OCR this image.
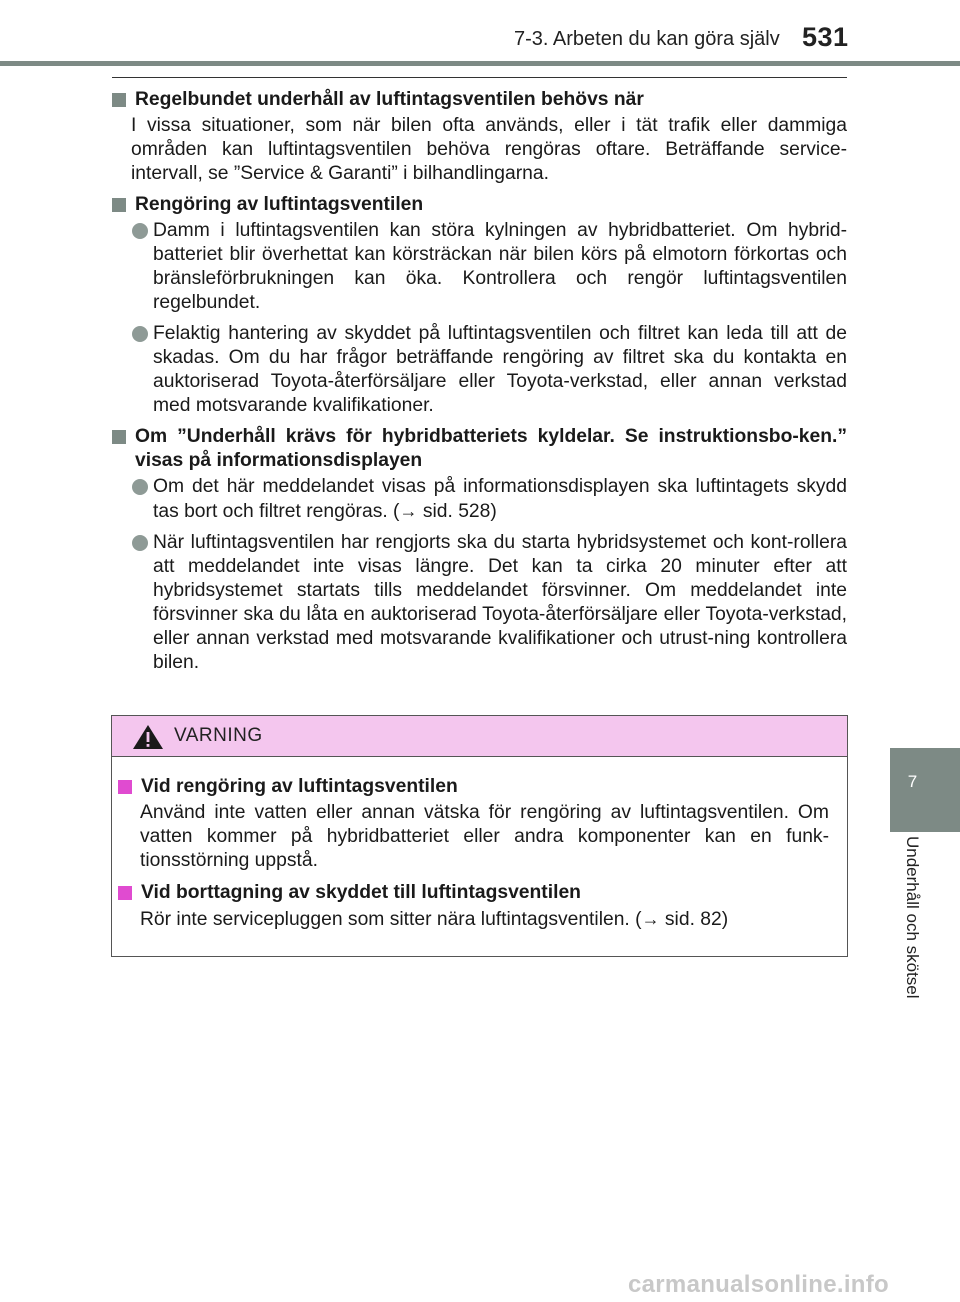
7-3. Arbeten du kan göra själv 531
7
Underhåll och skötsel
Regelbundet underhåll av luftintagsventilen behövs när
I vissa situationer, som när bilen ofta används, eller i tät trafik eller dammiga områden kan luftintagsventilen behöva rengöras oftare. Beträffande service-intervall, se ”Service & Garanti” i bilhandlingarna.
Rengöring av luftintagsventilen
Damm i luftintagsventilen kan störa kylningen av hybridbatteriet. Om hybrid-batteriet blir överhettat kan körsträckan när bilen körs på elmotorn förkortas och bränsleförbrukningen kan öka. Kontrollera och rengör luftintagsventilen regelbundet.
Felaktig hantering av skyddet på luftintagsventilen och filtret kan leda till att de skadas. Om du har frågor beträffande rengöring av filtret ska du kontakta en auktoriserad Toyota-återförsäljare eller Toyota-verkstad, eller annan verkstad med motsvarande kvalifikationer.
Om ”Underhåll krävs för hybridbatteriets kyldelar. Se instruktionsbo-ken.” visas på informationsdisplayen
Om det här meddelandet visas på informationsdisplayen ska luftintagets skydd tas bort och filtret rengöras. (→ sid. 528)
När luftintagsventilen har rengjorts ska du starta hybridsystemet och kont-rollera att meddelandet inte visas längre. Det kan ta cirka 20 minuter efter att hybridsystemet startats tills meddelandet försvinner. Om meddelandet inte försvinner ska du låta en auktoriserad Toyota-återförsäljare eller Toyota-verkstad, eller annan verkstad med motsvarande kvalifikationer och utrust-ning kontrollera bilen.
VARNING
Vid rengöring av luftintagsventilen
Använd inte vatten eller annan vätska för rengöring av luftintagsventilen. Om vatten kommer på hybridbatteriet eller andra komponenter kan en funk-tionsstörning uppstå.
Vid borttagning av skyddet till luftintagsventilen
Rör inte servicepluggen som sitter nära luftintagsventilen. (→ sid. 82)
carmanualsonline.info
